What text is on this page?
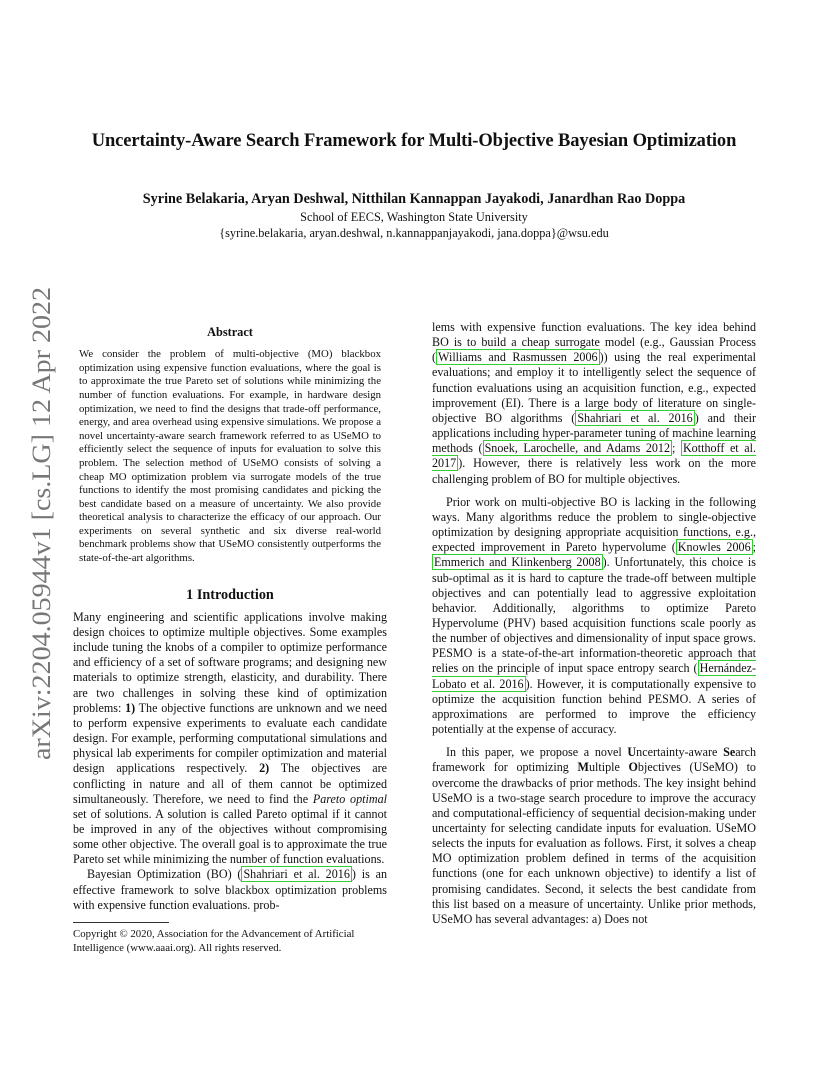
arXiv:2204.05944v1 [cs.LG] 12 Apr 2022
Uncertainty-Aware Search Framework for Multi-Objective Bayesian Optimization
Syrine Belakaria, Aryan Deshwal, Nitthilan Kannappan Jayakodi, Janardhan Rao Doppa
School of EECS, Washington State University
{syrine.belakaria, aryan.deshwal, n.kannappanjayakodi, jana.doppa}@wsu.edu

Abstract

We consider the problem of multi-objective (MO) blackbox optimization using expensive function evaluations, where the goal is to approximate the true Pareto set of solutions while minimizing the number of function evaluations. For example, in hardware design optimization, we need to find the designs that trade-off performance, energy, and area overhead using expensive simulations. We propose a novel uncertainty-aware search framework referred to as USeMO to efficiently select the sequence of inputs for evaluation to solve this problem. The selection method of USeMO consists of solving a cheap MO optimization problem via surrogate models of the true functions to identify the most promising candidates and picking the best candidate based on a measure of uncertainty. We also provide theoretical analysis to characterize the efficacy of our approach. Our experiments on several synthetic and six diverse real-world benchmark problems show that USeMO consistently outperforms the state-of-the-art algorithms.

1 Introduction

Many engineering and scientific applications involve making design choices to optimize multiple objectives. Some examples include tuning the knobs of a compiler to optimize performance and efficiency of a set of software programs; and designing new materials to optimize strength, elasticity, and durability. There are two challenges in solving these kind of optimization problems: 1) The objective functions are unknown and we need to perform expensive experiments to evaluate each candidate design. For example, performing computational simulations and physical lab experiments for compiler optimization and material design applications respectively. 2) The objectives are conflicting in nature and all of them cannot be optimized simultaneously. Therefore, we need to find the Pareto optimal set of solutions. A solution is called Pareto optimal if it cannot be improved in any of the objectives without compromising some other objective. The overall goal is to approximate the true Pareto set while minimizing the number of function evaluations.

Bayesian Optimization (BO) ( Shahriari et al. 2016 ) is an effective framework to solve blackbox optimization problems with expensive function evaluations. prob-

Copyright © 2020, Association for the Advancement of Artificial Intelligence (www.aaai.org). All rights reserved.

lems with expensive function evaluations. The key idea behind BO is to build a cheap surrogate model (e.g., Gaussian Process ( Williams and Rasmussen 2006 )) using the real experimental evaluations; and employ it to intelligently select the sequence of function evaluations using an acquisition function, e.g., expected improvement (EI). There is a large body of literature on single-objective BO algorithms ( Shahriari et al. 2016 ) and their applications including hyper-parameter tuning of machine learning methods ( Snoek, Larochelle, and Adams 2012 ; Kotthoff et al. 2017 ). However, there is relatively less work on the more challenging problem of BO for multiple objectives.

Prior work on multi-objective BO is lacking in the following ways. Many algorithms reduce the problem to single-objective optimization by designing appropriate acquisition functions, e.g., expected improvement in Pareto hypervolume ( Knowles 2006 ; Emmerich and Klinkenberg 2008 ). Unfortunately, this choice is sub-optimal as it is hard to capture the trade-off between multiple objectives and can potentially lead to aggressive exploitation behavior. Additionally, algorithms to optimize Pareto Hypervolume (PHV) based acquisition functions scale poorly as the number of objectives and dimensionality of input space grows. PESMO is a state-of-the-art information-theoretic approach that relies on the principle of input space entropy search ( Hernández-Lobato et al. 2016 ). However, it is computationally expensive to optimize the acquisition function behind PESMO. A series of approximations are performed to improve the efficiency potentially at the expense of accuracy.

In this paper, we propose a novel Uncertainty-aware Search framework for optimizing Multiple Objectives (USeMO) to overcome the drawbacks of prior methods. The key insight behind USeMO is a two-stage search procedure to improve the accuracy and computational-efficiency of sequential decision-making under uncertainty for selecting candidate inputs for evaluation. USeMO selects the inputs for evaluation as follows. First, it solves a cheap MO optimization problem defined in terms of the acquisition functions (one for each unknown objective) to identify a list of promising candidates. Second, it selects the best candidate from this list based on a measure of uncertainty. Unlike prior methods, USeMO has several advantages: a) Does not
